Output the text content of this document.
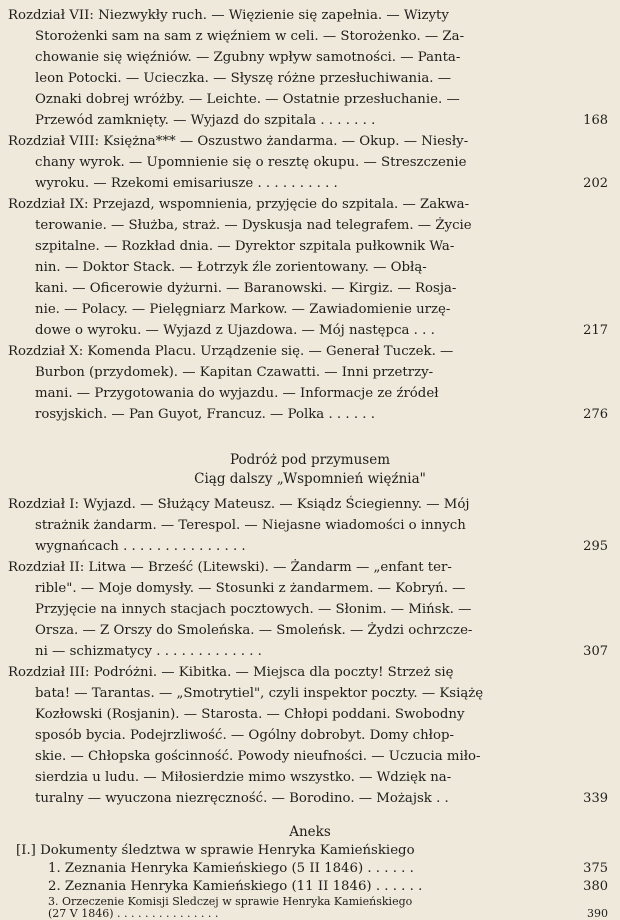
Rozdział VII: Niezwykły ruch. — Więzienie się zapełnia. — Wizyty
Storożenki sam na sam z więźniem w celi. — Storożenko. — Za-
chowanie się więźniów. — Zgubny wpływ samotności. — Panta-
leon Potocki. — Ucieczka. — Słyszę różne przesłuchiwania. —
Oznaki dobrej wróżby. — Leichte. — Ostatnie przesłuchanie. —
Przewód zamknięty. — Wyjazd do szpitala . . . . . . .	168
Rozdział VIII: Księżna*** — Oszustwo żandarma. — Okup. — Niesły-
chany wyrok. — Upomnienie się o resztę okupu. — Streszczenie
wyroku. — Rzekomi emisariusze . . . . . . . . . .	202
Rozdział IX: Przejazd, wspomnienia, przyjęcie do szpitala. — Zakwa-
terowanie. — Służba, straż. — Dyskusja nad telegrafem. — Życie
szpitalne. — Rozkład dnia. — Dyrektor szpitala pułkownik Wa-
nin. — Doktor Stack. — Łotrzyk źle zorientowany. — Obłą-
kani. — Oficerowie dyżurni. — Baranowski. — Kirgiz. — Rosja-
nie. — Polacy. — Pielęgniarz Markow. — Zawiadomienie urzę-
dowe o wyroku. — Wyjazd z Ujazdowa. — Mój następca . . .	217
Rozdział X: Komenda Placu. Urządzenie się. — Generał Tuczek. —
Burbon (przydomek). — Kapitan Czawatti. — Inni przetrzy-
mani. — Przygotowania do wyjazdu. — Informacje ze źródeł
rosyjskich. — Pan Guyot, Francuz. — Polka . . . . . .	276
Podróż pod przymusem
Ciąg dalszy „Wspomnień więźnia"
Rozdział I: Wyjazd. — Służący Mateusz. — Ksiądz Ściegienny. — Mój
strażnik żandarm. — Terespol. — Niejasne wiadomości o innych
wygnańcach . . . . . . . . . . . . . . .	295
Rozdział II: Litwa — Brześć (Litewski). — Żandarm — „enfant ter-
rible". — Moje domysły. — Stosunki z żandarmem. — Kobryń. —
Przyjęcie na innych stacjach pocztowych. — Słonim. — Mińsk. —
Orsza. — Z Orszy do Smoleńska. — Smoleńsk. — Żydzi ochrzcze-
ni — schizmatycy . . . . . . . . . . . . .	307
Rozdział III: Podróżni. — Kibitka. — Miejsca dla poczty! Strzeż się
bata! — Tarantas. — „Smotrytiel", czyli inspektor poczty. — Książę
Kozłowski (Rosjanin). — Starosta. — Chłopi poddani. Swobodny
sposób bycia. Podejrzliwość. — Ogólny dobrobyt. Domy chłop-
skie. — Chłopska gościnność. Powody nieufności. — Uczucia miło-
sierdzia u ludu. — Miłosierdzie mimo wszystko. — Wdzięk na-
turalny — wyuczona niezręczność. — Borodino. — Możajsk . .	339
Aneks
[I.] Dokumenty śledztwa w sprawie Henryka Kamieńskiego
1. Zeznania Henryka Kamieńskiego (5 II 1846) . . . . . .	375
2. Zeznania Henryka Kamieńskiego (11 II 1846) . . . . . .	380
3. Orzeczenie Komisji Śledczej w sprawie Henryka Kamieńskiego
(27 V 1846) . . . . . . . . . . . . . . .	390
